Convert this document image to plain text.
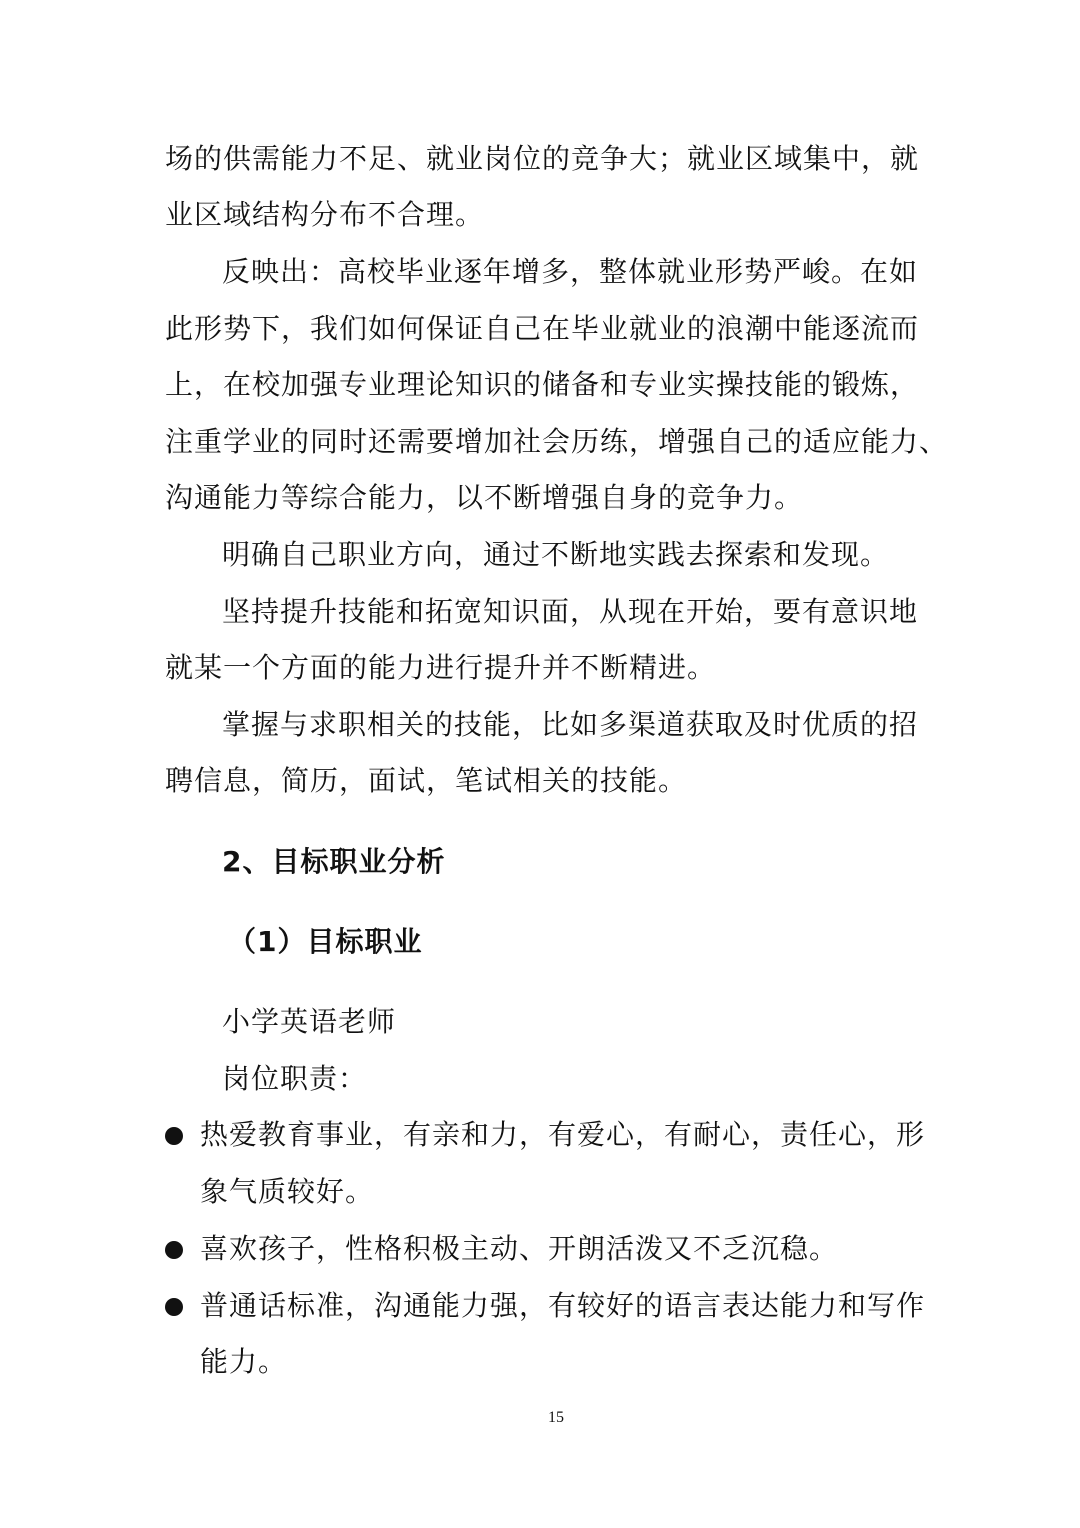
场的供需能力不足、就业岗位的竞争大；就业区域集中，就
业区域结构分布不合理。
反映出：高校毕业逐年增多，整体就业形势严峻。在如
此形势下，我们如何保证自己在毕业就业的浪潮中能逐流而
上，在校加强专业理论知识的储备和专业实操技能的锻炼，
注重学业的同时还需要增加社会历练，增强自己的适应能力、
沟通能力等综合能力，以不断增强自身的竞争力。
明确自己职业方向，通过不断地实践去探索和发现。
坚持提升技能和拓宽知识面，从现在开始，要有意识地
就某一个方面的能力进行提升并不断精进。
掌握与求职相关的技能，比如多渠道获取及时优质的招
聘信息，简历，面试，笔试相关的技能。
2、目标职业分析
（1）目标职业
小学英语老师
岗位职责：
热爱教育事业，有亲和力，有爱心，有耐心，责任心，形
象气质较好。
喜欢孩子，性格积极主动、开朗活泼又不乏沉稳。
普通话标准，沟通能力强，有较好的语言表达能力和写作
能力。
15
